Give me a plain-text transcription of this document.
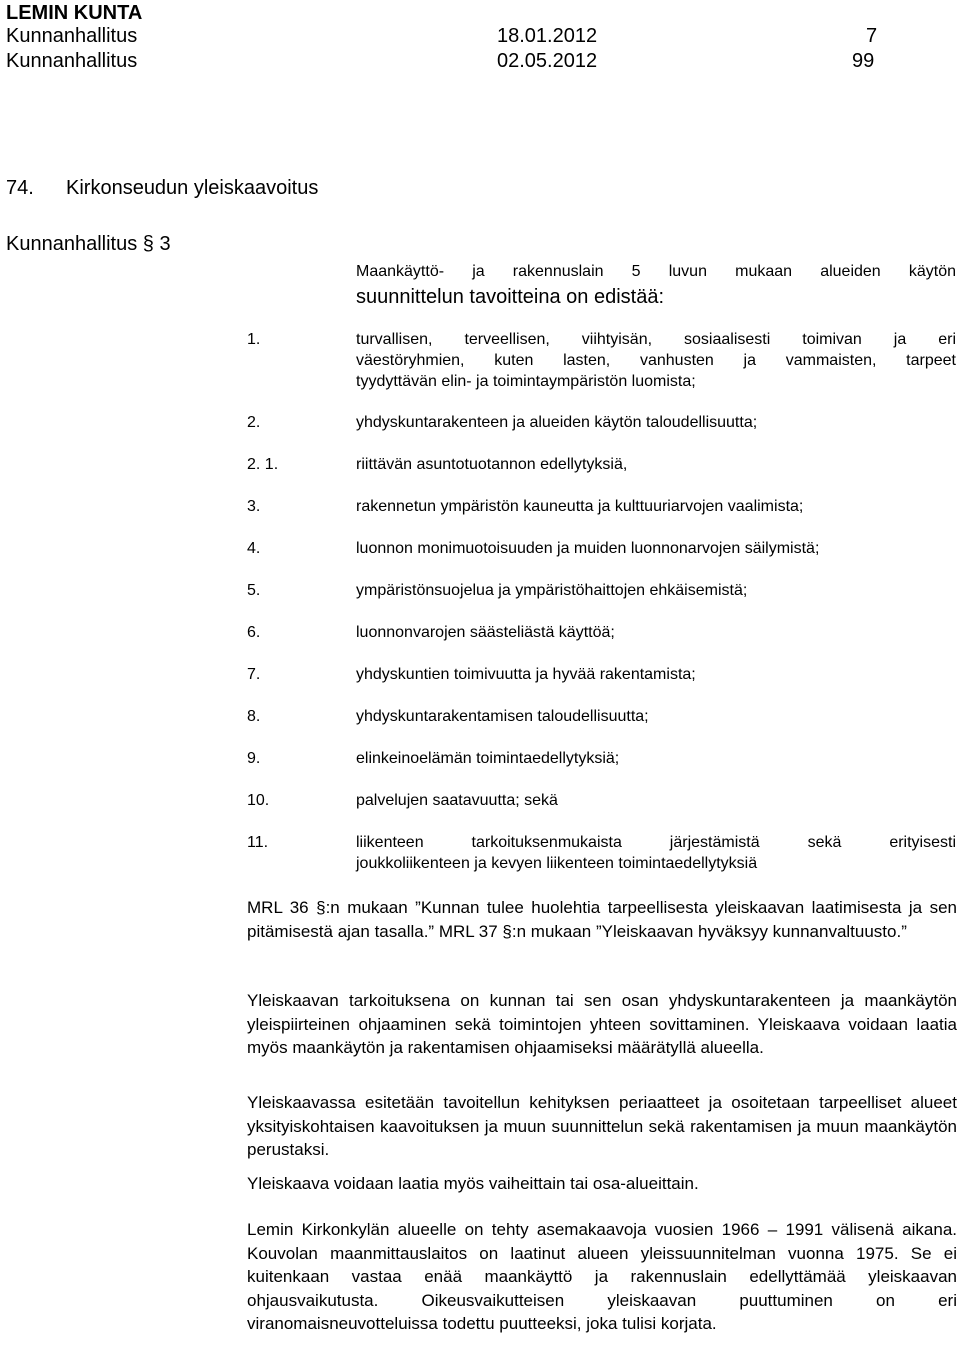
LEMIN KUNTA
Kunnanhallitus	18.01.2012	7
Kunnanhallitus	02.05.2012	99
74. Kirkonseudun yleiskaavoitus
Kunnanhallitus § 3
Maankäyttö- ja rakennuslain 5 luvun mukaan alueiden käytön
suunnittelun tavoitteina on edistää:
1.	turvallisen, terveellisen, viihtyisän, sosiaalisesti toimivan ja eri
väestöryhmien, kuten lasten, vanhusten ja vammaisten, tarpeet
tyydyttävän elin- ja toimintaympäristön luomista;
2.	yhdyskuntarakenteen ja alueiden käytön taloudellisuutta;
2. 1.	riittävän asuntotuotannon edellytyksiä,
3.	rakennetun ympäristön kauneutta ja kulttuuriarvojen vaalimista;
4.	luonnon monimuotoisuuden ja muiden luonnonarvojen säilymistä;
5.	ympäristönsuojelua ja ympäristöhaittojen ehkäisemistä;
6.	luonnonvarojen säästeliästä käyttöä;
7.	yhdyskuntien toimivuutta ja hyvää rakentamista;
8.	yhdyskuntarakentamisen taloudellisuutta;
9.	elinkeinoelämän toimintaedellytyksiä;
10.	palvelujen saatavuutta; sekä
11.	liikenteen tarkoituksenmukaista järjestämistä sekä erityisesti
joukkoliikenteen ja kevyen liikenteen toimintaedellytyksiä

MRL 36 §:n mukaan ”Kunnan tulee huolehtia tarpeellisesta yleiskaavan laatimisesta ja sen pitämisestä ajan tasalla.” MRL 37 §:n mukaan ”Yleiskaavan hyväksyy kunnanvaltuusto.”

Yleiskaavan tarkoituksena on kunnan tai sen osan yhdyskuntarakenteen ja maankäytön yleispiirteinen ohjaaminen sekä toimintojen yhteen sovittaminen. Yleiskaava voidaan laatia myös maankäytön ja rakentamisen ohjaamiseksi määrätyllä alueella.

Yleiskaavassa esitetään tavoitellun kehityksen periaatteet ja osoitetaan tarpeelliset alueet yksityiskohtaisen kaavoituksen ja muun suunnittelun sekä rakentamisen ja muun maankäytön perustaksi.

Yleiskaava voidaan laatia myös vaiheittain tai osa-alueittain.

Lemin Kirkonkylän alueelle on tehty asemakaavoja vuosien 1966 – 1991 välisenä aikana. Kouvolan maanmittauslaitos on laatinut alueen yleissuunnitelman vuonna 1975. Se ei kuitenkaan vastaa enää maankäyttö ja rakennuslain edellyttämää yleiskaavan ohjausvaikutusta. Oikeusvaikutteisen yleiskaavan puuttuminen on eri viranomaisneuvotteluissa todettu puutteeksi, joka tulisi korjata.
